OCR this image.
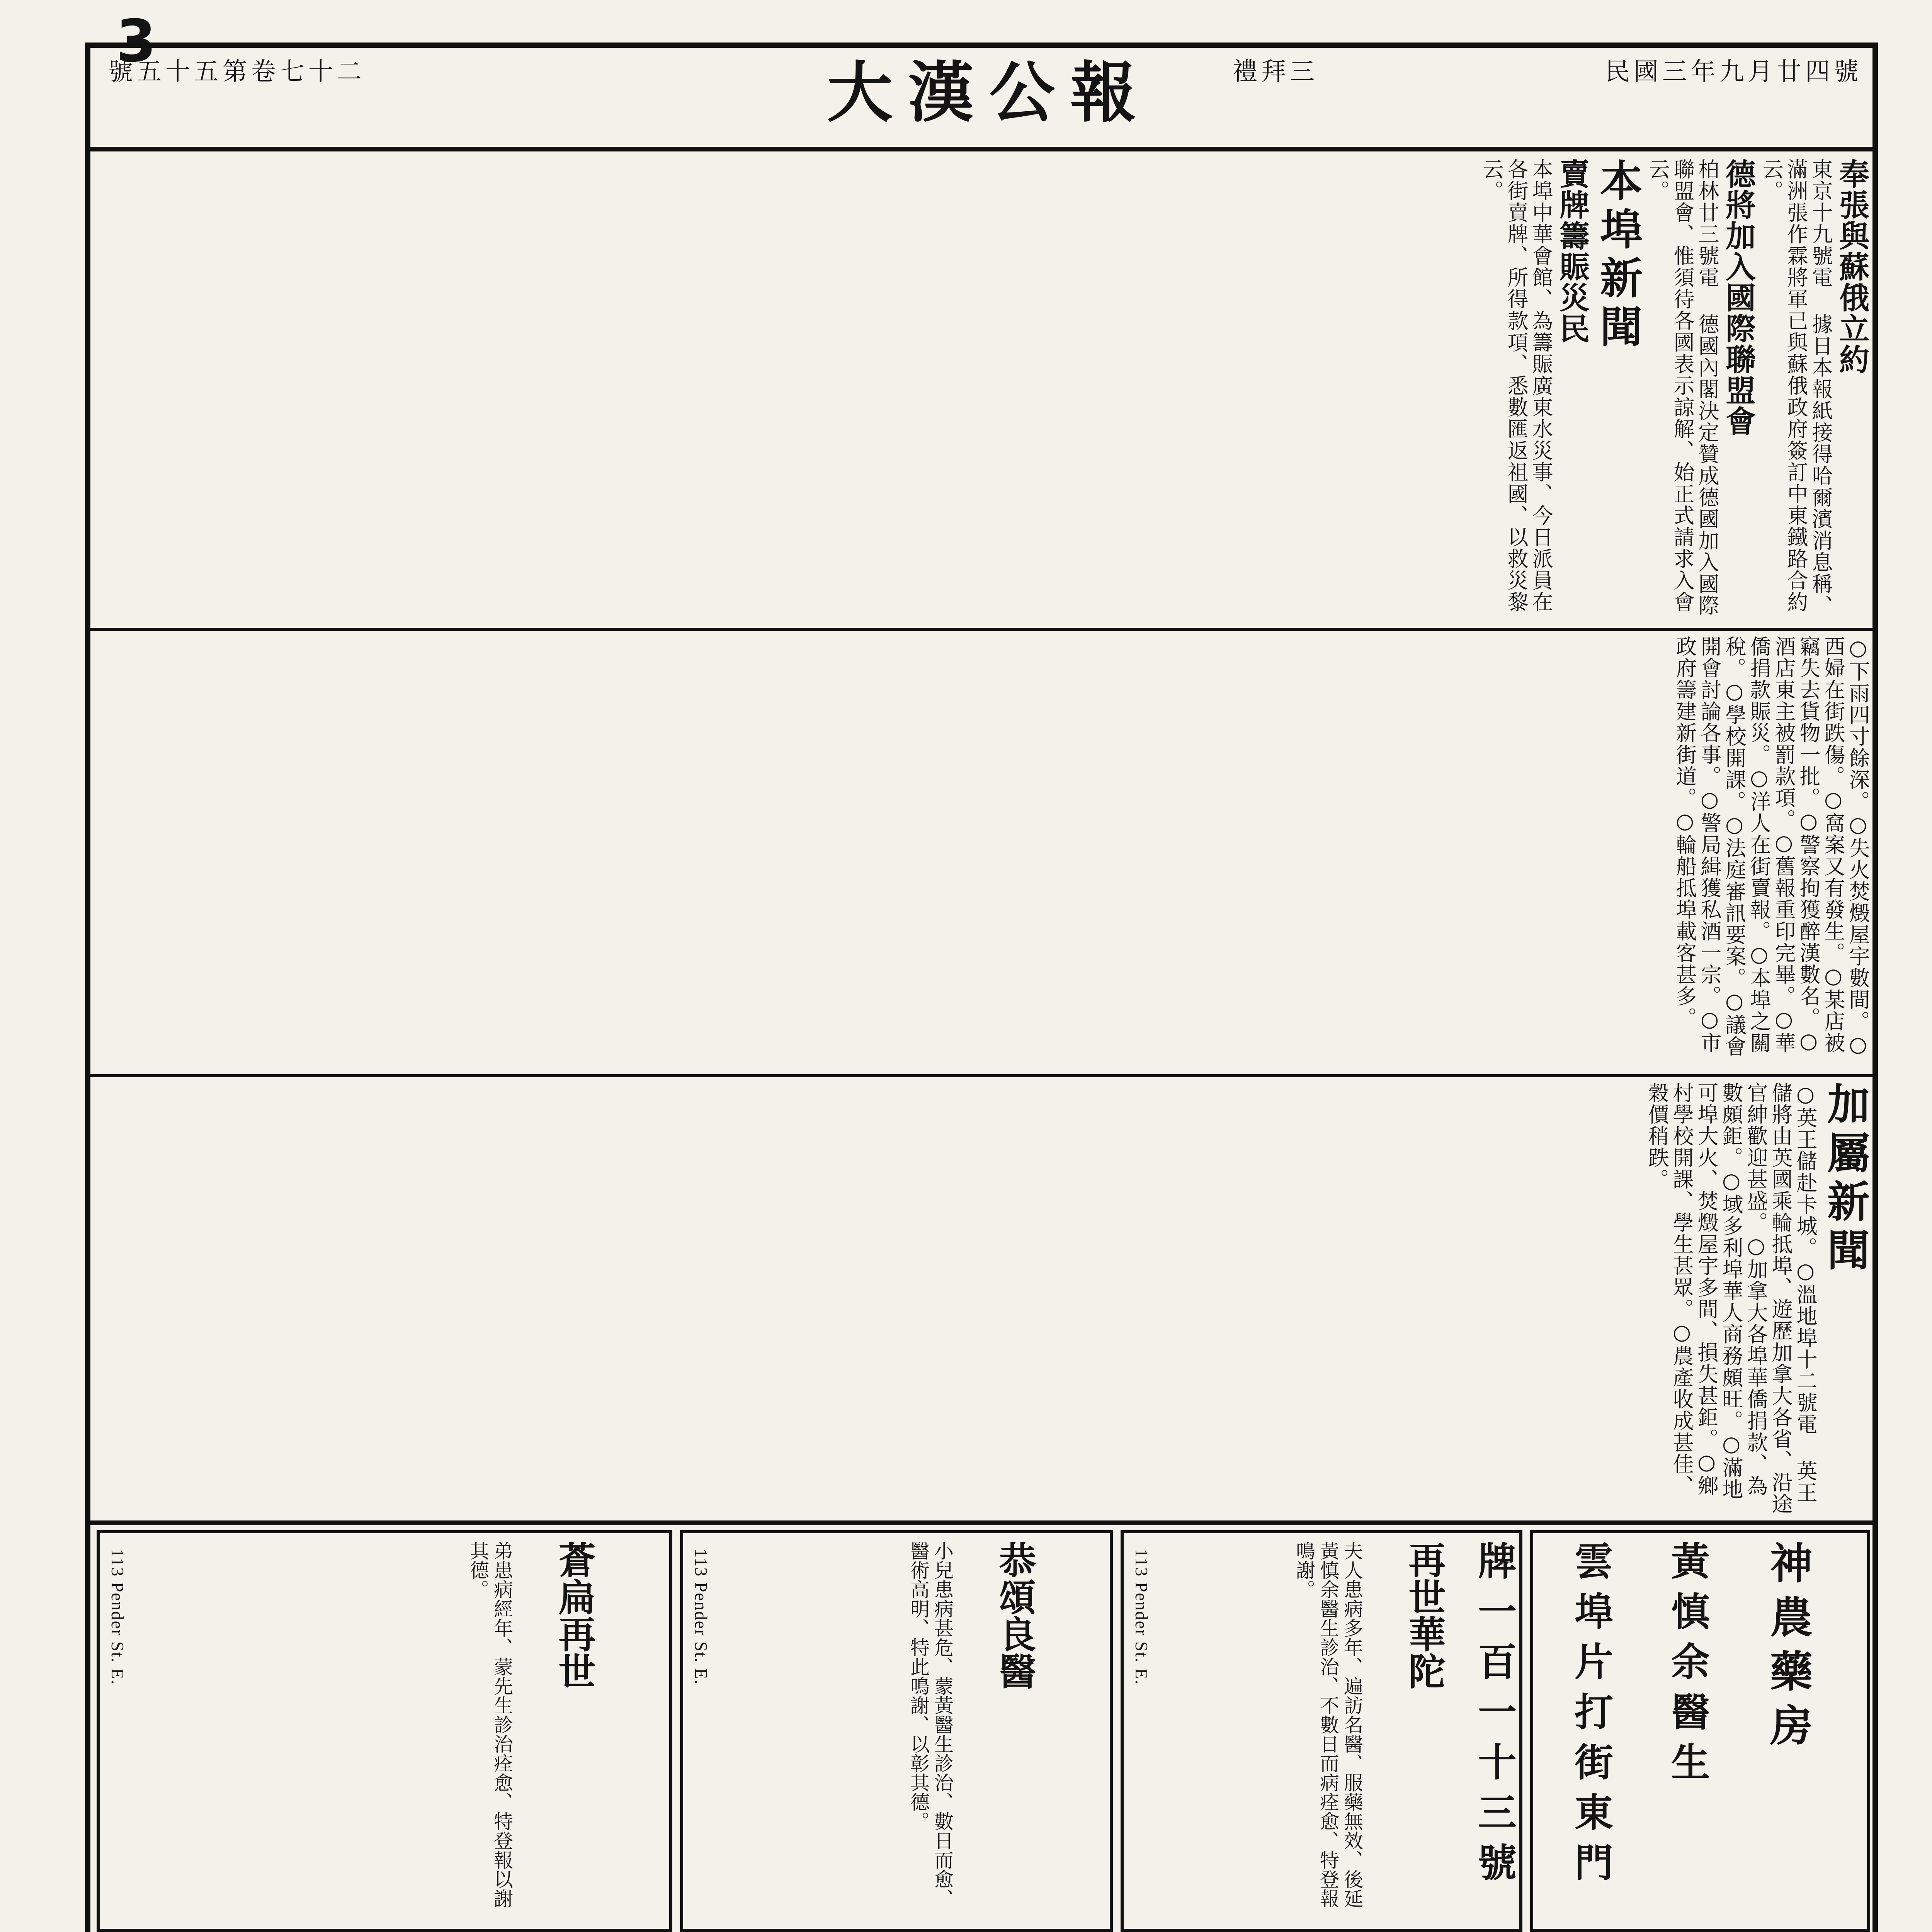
3	民國三年九月廿四號
禮拜三
大漢公報
號五十五第卷七十二

奉張與蘇俄立約
東京十九號電 據日本報紙接得哈爾濱消息稱、滿洲張作霖將軍已與蘇俄政府簽訂中東鐵路合約云。

德將加入國際聯盟會
柏林廿三號電 德國內閣決定贊成德國加入國際聯盟會、惟須待各國表示諒解、始正式請求入會云。

本埠新聞

賣牌籌賑災民
本埠中華會館、為籌賑廣東水災事、今日派員在各街賣牌、所得款項、悉數匯返祖國、以救災黎云。

○下雨四寸餘深。○失火焚燬屋宇數間。○西婦在街跌傷。○窩案又有發生。○某店被竊失去貨物一批。○警察拘獲醉漢數名。○酒店東主被罰款項。○舊報重印完畢。○華僑捐款賑災。○洋人在街賣報。○本埠之關稅。○學校開課。○法庭審訊要案。○議會開會討論各事。○警局緝獲私酒一宗。○市政府籌建新街道。○輪船抵埠載客甚多。

加屬新聞

○英王儲赴卡城。○溫地埠十二號電 英王儲將由英國乘輪抵埠、遊歷加拿大各省、沿途官紳歡迎甚盛。○加拿大各埠華僑捐款、為數頗鉅。○域多利埠華人商務頗旺。○滿地可埠大火、焚燬屋宇多間、損失甚鉅。○鄉村學校開課、學生甚眾。○農產收成甚佳、穀價稍跌。

神農藥房

黃慎余醫生

雲埠片打街東門

牌一百一十三號

再世華陀

夫人患病多年、遍訪名醫、服藥無效、後延黃慎余醫生診治、不數日而病痊愈、特登報鳴謝。

113 Pender St. E.

恭頌良醫

小兒患病甚危、蒙黃醫生診治、數日而愈、醫術高明、特此鳴謝、以彰其德。

113 Pender St. E.

蒼扁再世

弟患病經年、蒙先生診治痊愈、特登報以謝其德。

113 Pender St. E.
